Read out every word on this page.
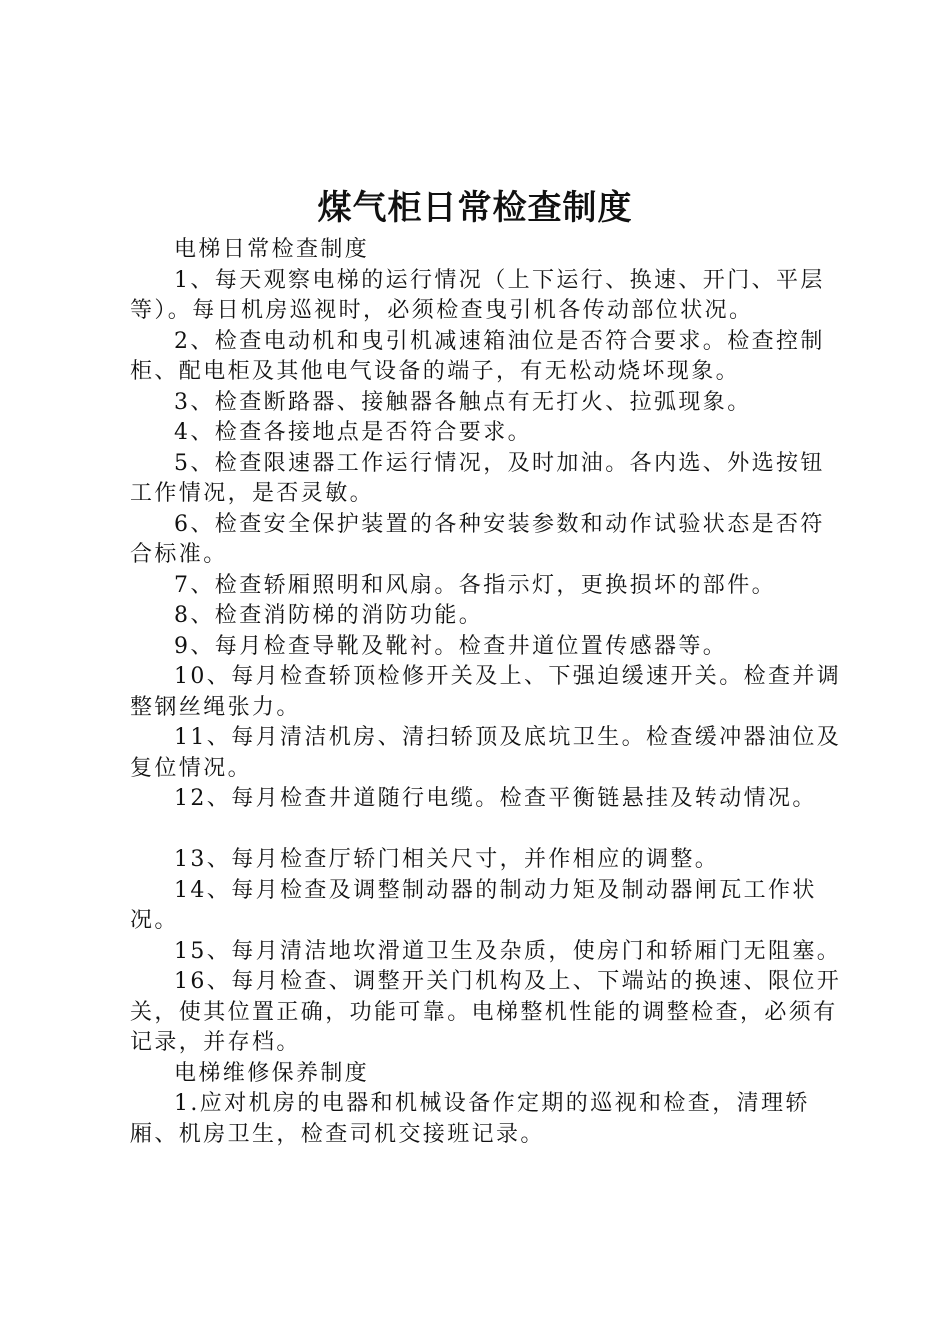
煤气柜日常检查制度

电梯日常检查制度

1、每天观察电梯的运行情况（上下运行、换速、开门、平层等）。每日机房巡视时，必须检查曳引机各传动部位状况。

2、检查电动机和曳引机减速箱油位是否符合要求。检查控制柜、配电柜及其他电气设备的端子，有无松动烧坏现象。

3、检查断路器、接触器各触点有无打火、拉弧现象。

4、检查各接地点是否符合要求。

5、检查限速器工作运行情况，及时加油。各内选、外选按钮工作情况，是否灵敏。

6、检查安全保护装置的各种安装参数和动作试验状态是否符合标准。

7、检查轿厢照明和风扇。各指示灯，更换损坏的部件。

8、检查消防梯的消防功能。

9、每月检查导靴及靴衬。检查井道位置传感器等。

10、每月检查轿顶检修开关及上、下强迫缓速开关。检查并调整钢丝绳张力。

11、每月清洁机房、清扫轿顶及底坑卫生。检查缓冲器油位及复位情况。

12、每月检查井道随行电缆。检查平衡链悬挂及转动情况。

13、每月检查厅轿门相关尺寸，并作相应的调整。

14、每月检查及调整制动器的制动力矩及制动器闸瓦工作状况。

15、每月清洁地坎滑道卫生及杂质，使房门和轿厢门无阻塞。

16、每月检查、调整开关门机构及上、下端站的换速、限位开关，使其位置正确，功能可靠。电梯整机性能的调整检查，必须有记录，并存档。

电梯维修保养制度

1.应对机房的电器和机械设备作定期的巡视和检查，清理轿厢、机房卫生，检查司机交接班记录。
